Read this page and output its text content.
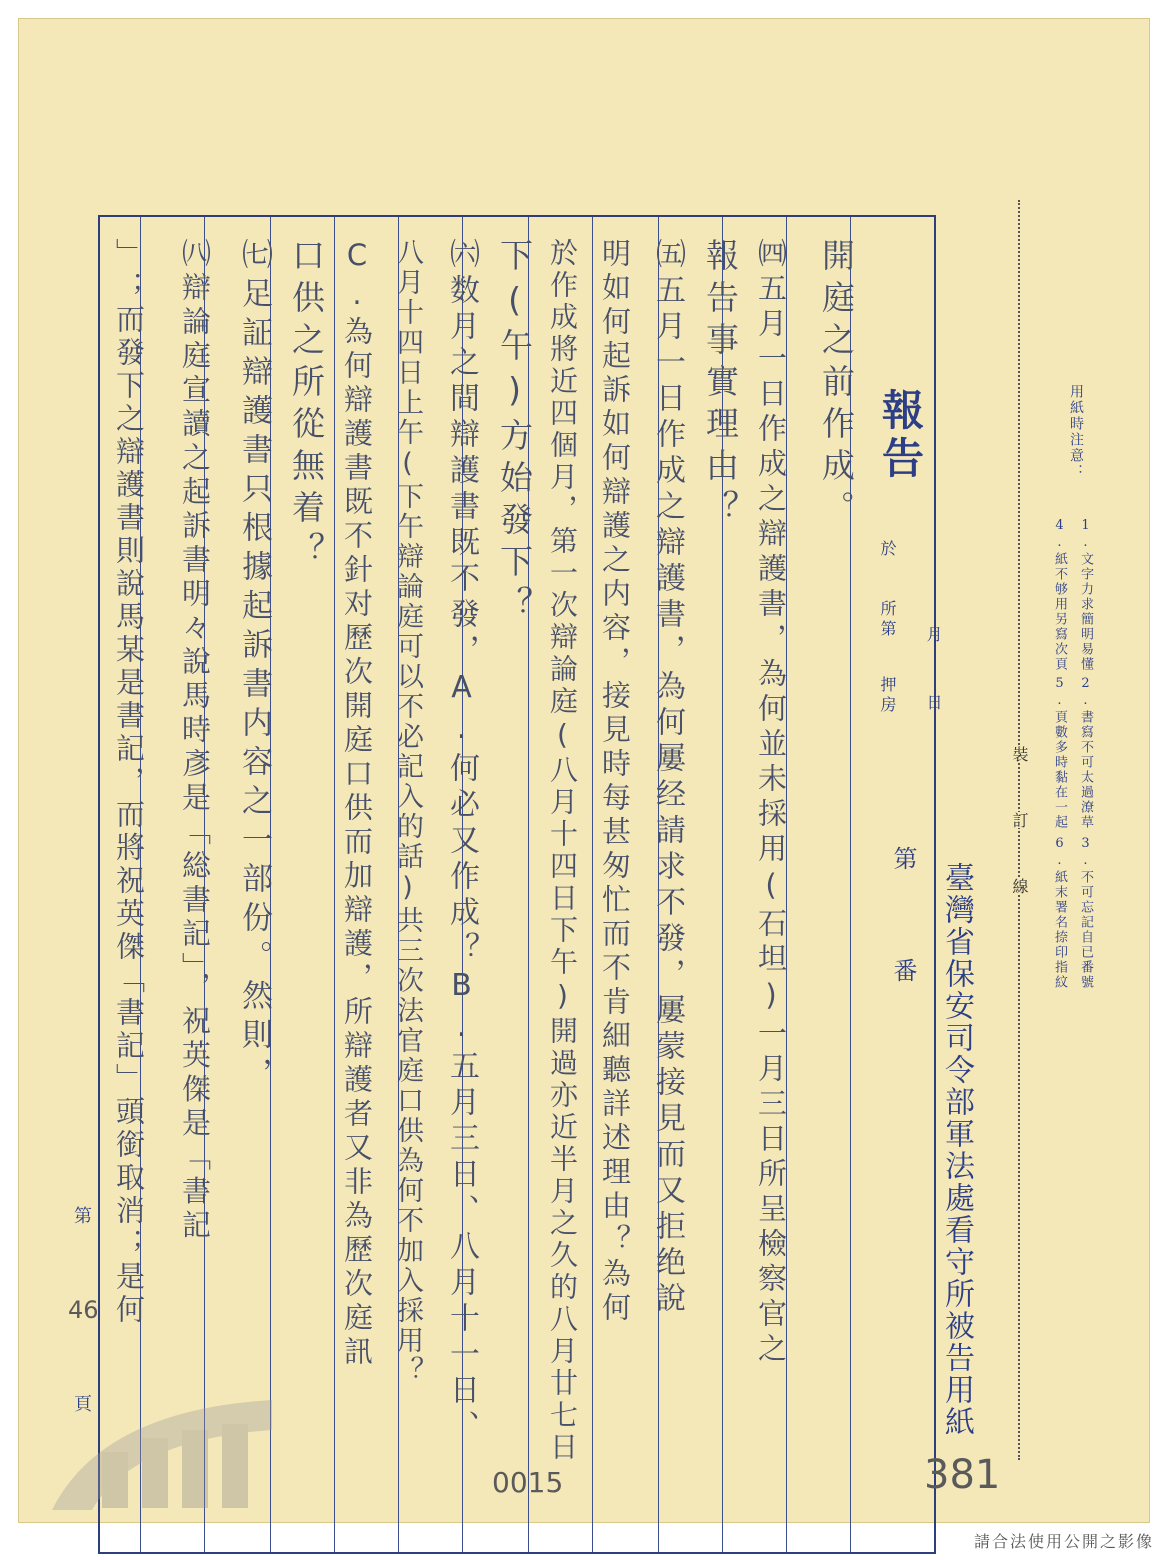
報告
月
日
於
所第
押房
第
番 臺灣省保安司令部軍法處看守所被告用紙
用紙時注意：
1.文字力求簡明易懂
4.紙不够用另寫次頁
2.書寫不可太過潦草
5.頁數多時黏在一起
3.不可忘記自已番號
6.紙末署名捺印指紋
裝
訂
線
開庭之前作成。
㈣五月一日作成之辯護書，為何並未採用(石坦)一月三日所呈檢察官之
報告事實理由？
㈤五月一日作成之辯護書，為何屢经請求不發，屢蒙接見而又拒绝說
明如何起訴如何辯護之内容，接見時每甚匆忙而不肯細聽詳述理由？為何
於作成將近四個月，第一次辯論庭(八月十四日下午)開過亦近半月之久的八月廿七日
下(午)方始發下？
㈥数月之間辯護書既不發，A.何必又作成？B.五月三日、八月十一日、
八月十四日上午(下午辯論庭可以不必記入的話)共三次法官庭口供為何不加入採用？
C.為何辯護書既不針对歷次開庭口供而加辯護，所辯護者又非為歷次庭訊
口供之所從無着？
㈦足証辯護書只根據起訴書内容之一部份。然則，
㈧辯論庭宣讀之起訴書明々說馬時彥是「総書記」，祝英傑是「書記
」；而發下之辯護書則說馬某是書記，而將祝英傑「書記」頭銜取消；是何
第
46
頁
381
0015
請合法使用公開之影像
